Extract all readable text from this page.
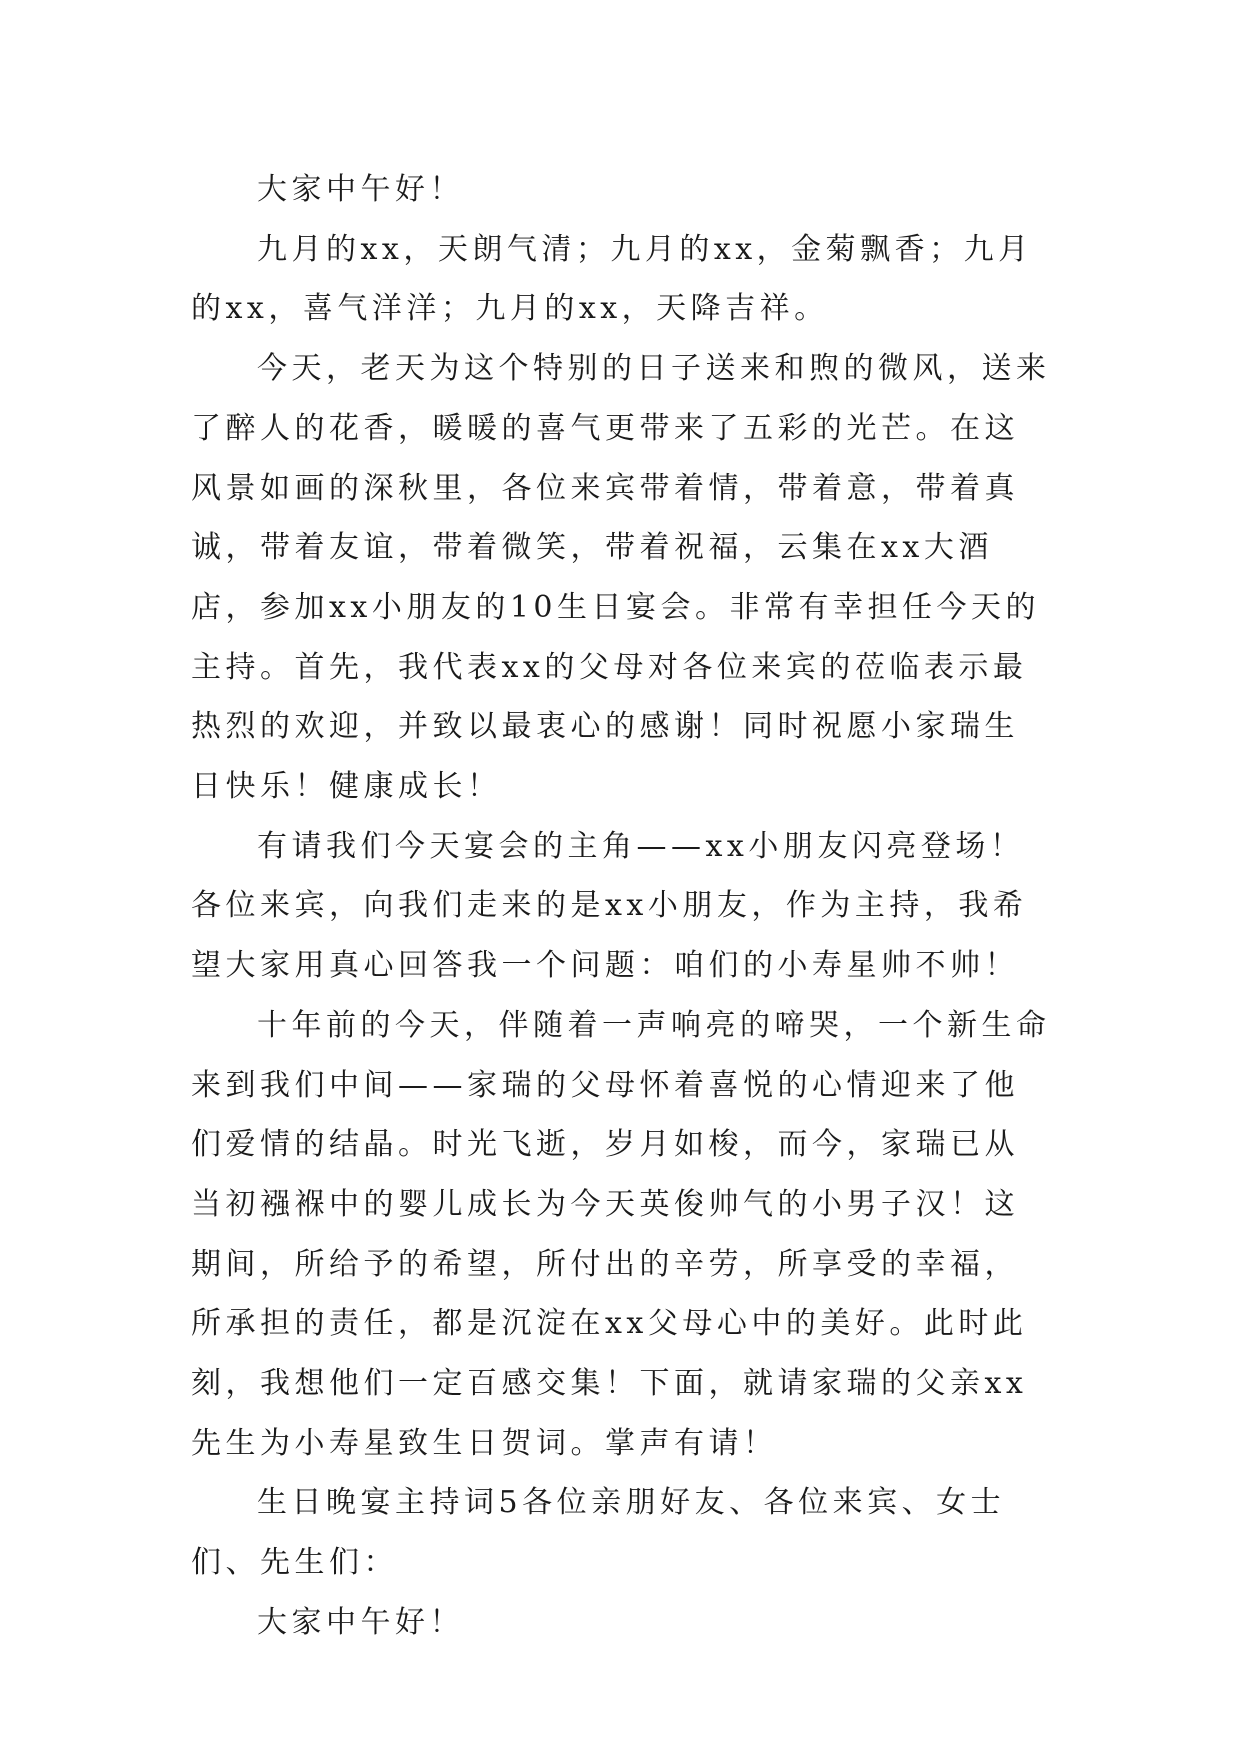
大家中午好！

九月的xx，天朗气清；九月的xx，金菊飘香；九月的xx，喜气洋洋；九月的xx，天降吉祥。

今天，老天为这个特别的日子送来和煦的微风，送来了醉人的花香，暖暖的喜气更带来了五彩的光芒。在这风景如画的深秋里，各位来宾带着情，带着意，带着真诚，带着友谊，带着微笑，带着祝福，云集在xx大酒店，参加xx小朋友的10生日宴会。非常有幸担任今天的主持。首先，我代表xx的父母对各位来宾的莅临表示最热烈的欢迎，并致以最衷心的感谢！同时祝愿小家瑞生日快乐！健康成长！

有请我们今天宴会的主角——xx小朋友闪亮登场！各位来宾，向我们走来的是xx小朋友，作为主持，我希望大家用真心回答我一个问题：咱们的小寿星帅不帅！

十年前的今天，伴随着一声响亮的啼哭，一个新生命来到我们中间——家瑞的父母怀着喜悦的心情迎来了他们爱情的结晶。时光飞逝，岁月如梭，而今，家瑞已从当初襁褓中的婴儿成长为今天英俊帅气的小男子汉！这期间，所给予的希望，所付出的辛劳，所享受的幸福，所承担的责任，都是沉淀在xx父母心中的美好。此时此刻，我想他们一定百感交集！下面，就请家瑞的父亲xx先生为小寿星致生日贺词。掌声有请！

生日晚宴主持词5各位亲朋好友、各位来宾、女士们、先生们：

大家中午好！
